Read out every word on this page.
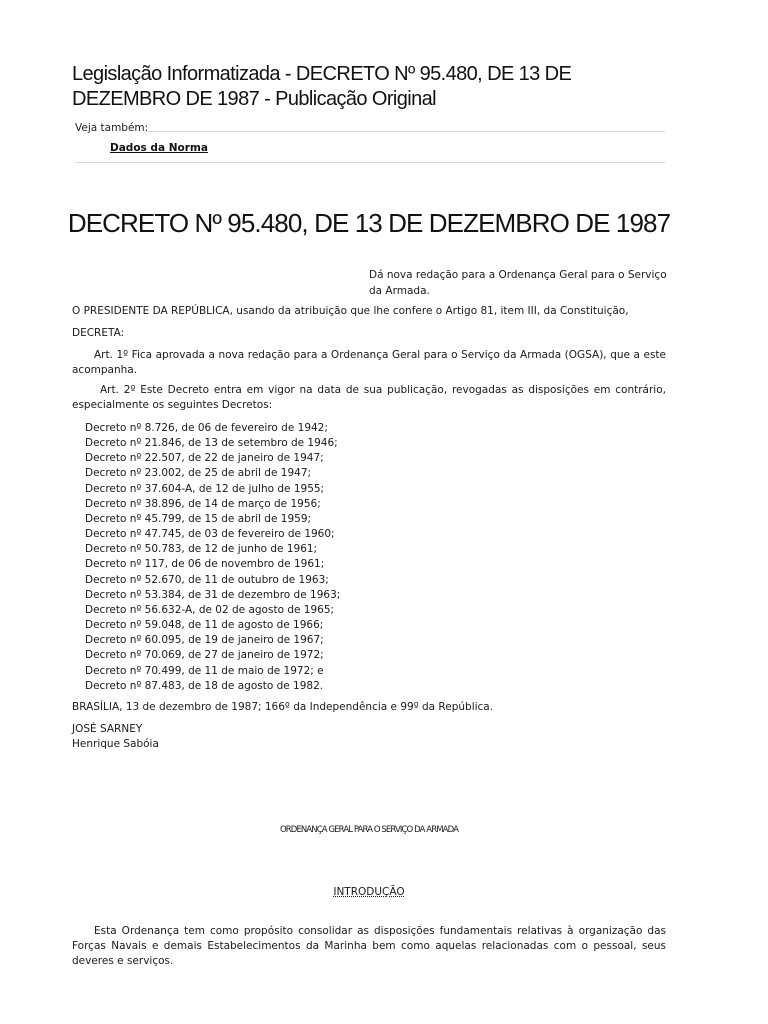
Legislação Informatizada - DECRETO Nº 95.480, DE 13 DE DEZEMBRO DE 1987 - Publicação Original
Veja também:
Dados da Norma
DECRETO Nº 95.480, DE 13 DE DEZEMBRO DE 1987
Dá nova redação para a Ordenança Geral para o Serviço da Armada.
O PRESIDENTE DA REPÚBLICA, usando da atribuição que lhe confere o Artigo 81, item III, da Constituição,
DECRETA:
Art. 1º Fica aprovada a nova redação para a Ordenança Geral para o Serviço da Armada (OGSA), que a este acompanha.
Art. 2º Este Decreto entra em vigor na data de sua publicação, revogadas as disposições em contrário, especialmente os seguintes Decretos:
Decreto nº 8.726, de 06 de fevereiro de 1942;
Decreto nº 21.846, de 13 de setembro de 1946;
Decreto nº 22.507, de 22 de janeiro de 1947;
Decreto nº 23.002, de 25 de abril de 1947;
Decreto nº 37.604-A, de 12 de julho de 1955;
Decreto nº 38.896, de 14 de março de 1956;
Decreto nº 45.799, de 15 de abril de 1959;
Decreto nº 47.745, de 03 de fevereiro de 1960;
Decreto nº 50.783, de 12 de junho de 1961;
Decreto nº 117, de 06 de novembro de 1961;
Decreto nº 52.670, de 11 de outubro de 1963;
Decreto nº 53.384, de 31 de dezembro de 1963;
Decreto nº 56.632-A, de 02 de agosto de 1965;
Decreto nº 59.048, de 11 de agosto de 1966;
Decreto nº 60.095, de 19 de janeiro de 1967;
Decreto nº 70.069, de 27 de janeiro de 1972;
Decreto nº 70.499, de 11 de maio de 1972; e
Decreto nº 87.483, de 18 de agosto de 1982.
BRASÍLIA, 13 de dezembro de 1987; 166º da Independência e 99º da República.
JOSÉ SARNEY
Henrique Sabóia
ORDENANÇA GERAL PARA O SERVIÇO DA ARMADA
INTRODUÇÃO
Esta Ordenança tem como propósito consolidar as disposições fundamentais relativas à organização das Forças Navais e demais Estabelecimentos da Marinha bem como aquelas relacionadas com o pessoal, seus deveres e serviços.
